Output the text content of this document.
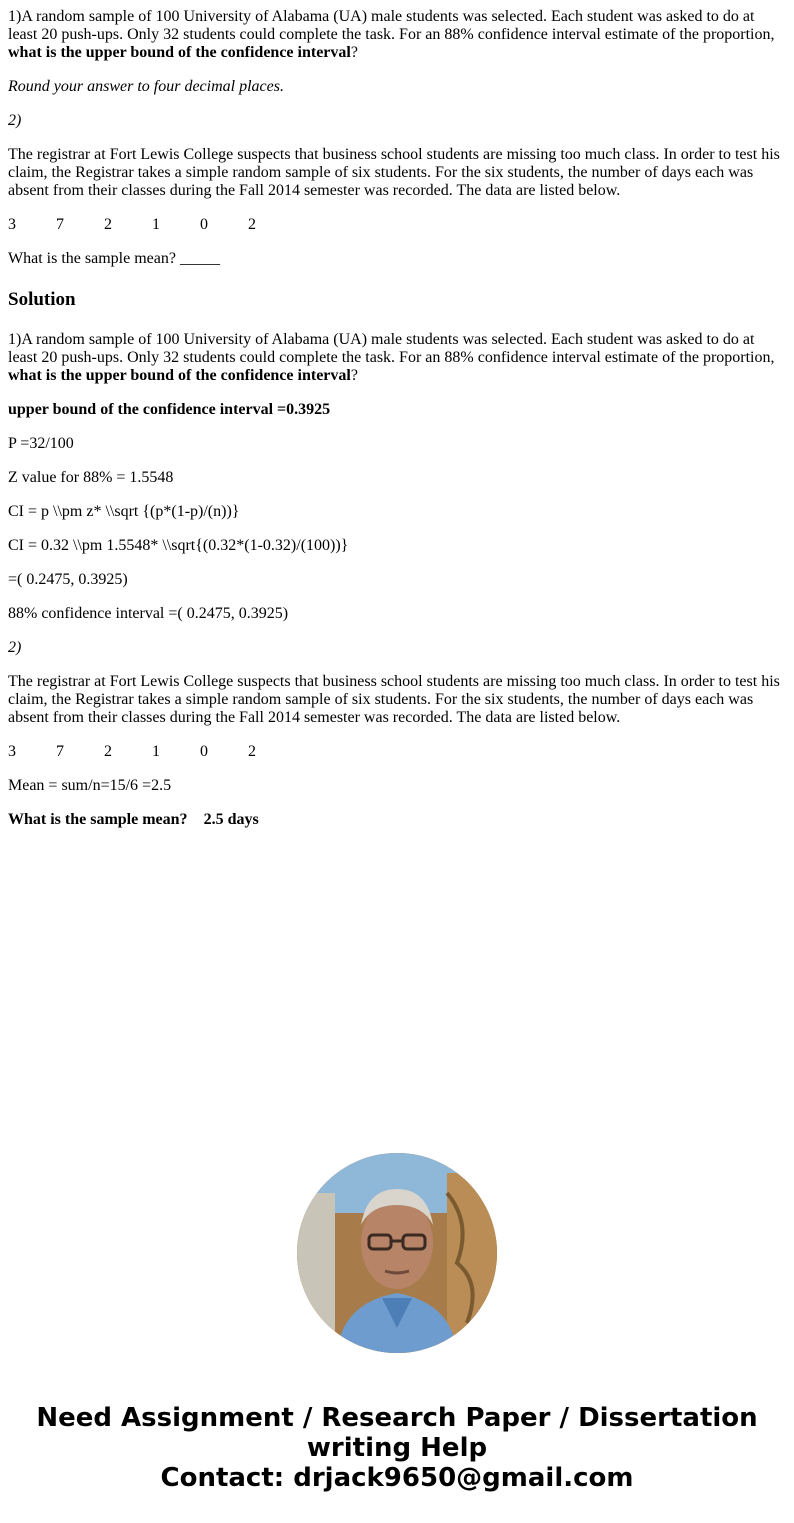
1)A random sample of 100 University of Alabama (UA) male students was selected. Each student was asked to do at least 20 push-ups. Only 32 students could complete the task. For an 88% confidence interval estimate of the proportion, what is the upper bound of the confidence interval?

Round your answer to four decimal places.

2)

The registrar at Fort Lewis College suspects that business school students are missing too much class. In order to test his claim, the Registrar takes a simple random sample of six students. For the six students, the number of days each was absent from their classes during the Fall 2014 semester was recorded. The data are listed below.

3	7	2	1	0	2

What is the sample mean? _____

Solution

1)A random sample of 100 University of Alabama (UA) male students was selected. Each student was asked to do at least 20 push-ups. Only 32 students could complete the task. For an 88% confidence interval estimate of the proportion, what is the upper bound of the confidence interval?

upper bound of the confidence interval =0.3925

P =32/100

Z value for 88% = 1.5548

CI = p \\pm z* \\sqrt {(p*(1-p)/(n))}

CI = 0.32 \\pm 1.5548* \\sqrt{(0.32*(1-0.32)/(100))}

=( 0.2475, 0.3925)

88% confidence interval =( 0.2475, 0.3925)

2)

The registrar at Fort Lewis College suspects that business school students are missing too much class. In order to test his claim, the Registrar takes a simple random sample of six students. For the six students, the number of days each was absent from their classes during the Fall 2014 semester was recorded. The data are listed below.

3	7	2	1	0	2

Mean = sum/n=15/6 =2.5

What is the sample mean? 2.5 days

Need Assignment / Research Paper / Dissertation
writing Help
Contact: drjack9650@gmail.com
